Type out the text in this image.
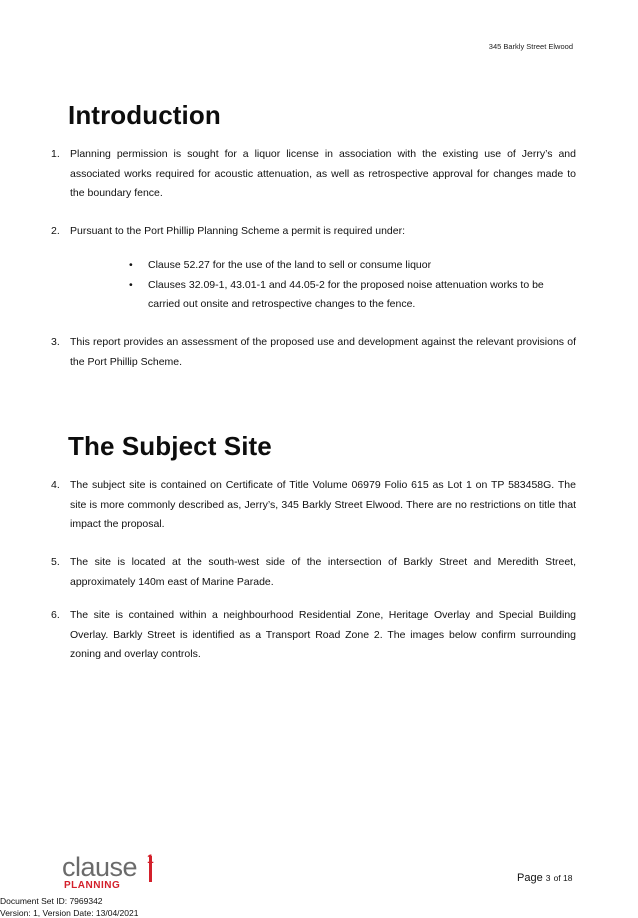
345 Barkly Street Elwood
Introduction
1. Planning permission is sought for a liquor license in association with the existing use of Jerry’s and associated works required for acoustic attenuation, as well as retrospective approval for changes made to the boundary fence.
2. Pursuant to the Port Phillip Planning Scheme a permit is required under:
• Clause 52.27 for the use of the land to sell or consume liquor
• Clauses 32.09-1, 43.01-1 and 44.05-2 for the proposed noise attenuation works to be carried out onsite and retrospective changes to the fence.
3. This report provides an assessment of the proposed use and development against the relevant provisions of the Port Phillip Scheme.
The Subject Site
4. The subject site is contained on Certificate of Title Volume 06979 Folio 615 as Lot 1 on TP 583458G. The site is more commonly described as, Jerry’s, 345 Barkly Street Elwood. There are no restrictions on title that impact the proposal.
5. The site is located at the south-west side of the intersection of Barkly Street and Meredith Street, approximately 140m east of Marine Parade.
6. The site is contained within a neighbourhood Residential Zone, Heritage Overlay and Special Building Overlay. Barkly Street is identified as a Transport Road Zone 2. The images below confirm surrounding zoning and overlay controls.
clause 1
PLANNING
Page 3 of 18
Document Set ID: 7969342
Version: 1, Version Date: 13/04/2021
